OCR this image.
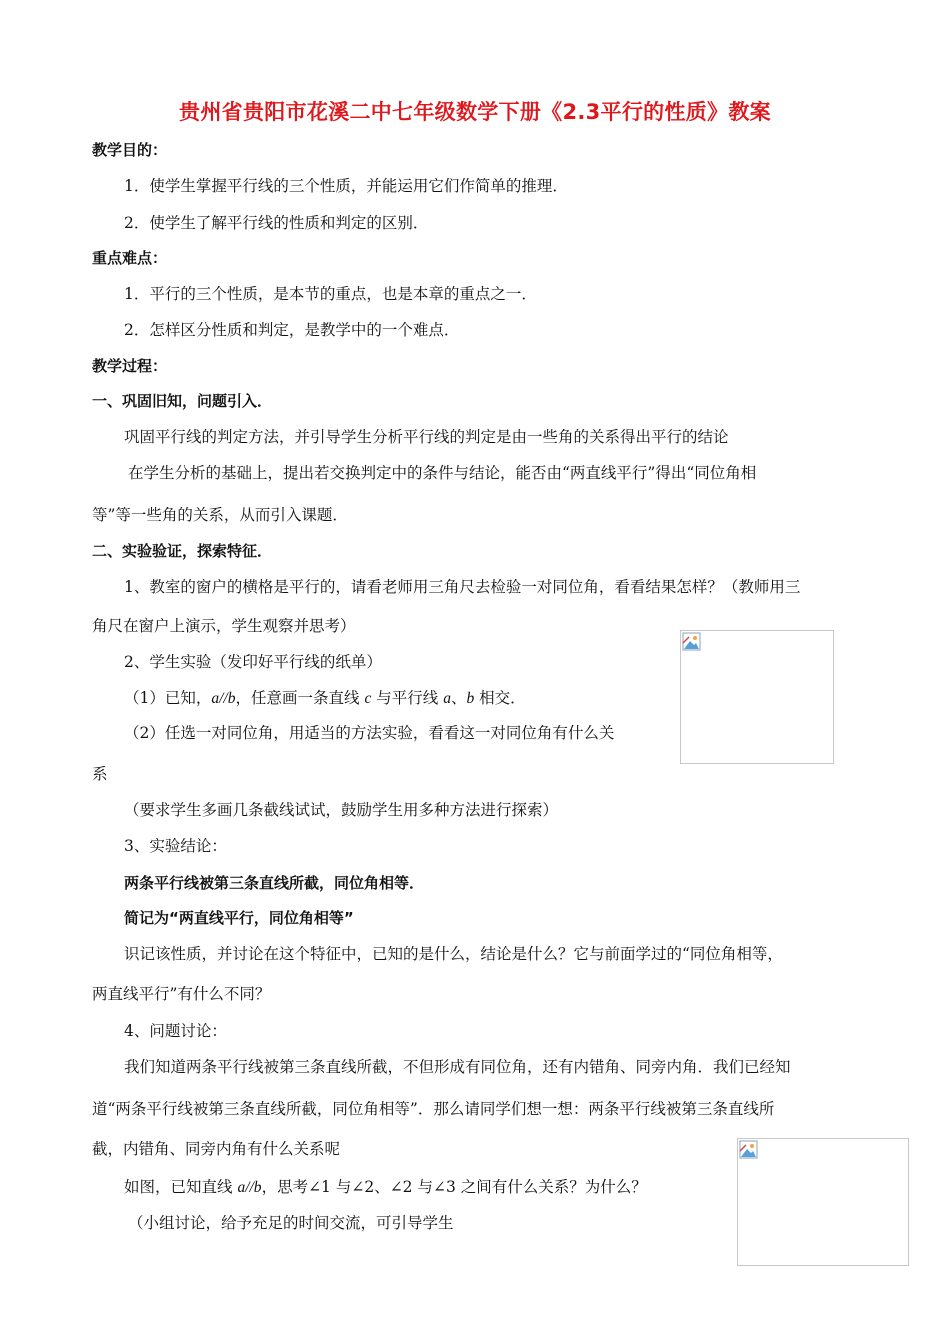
贵州省贵阳市花溪二中七年级数学下册《2.3平行的性质》教案
教学目的：
1．使学生掌握平行线的三个性质，并能运用它们作简单的推理．
2．使学生了解平行线的性质和判定的区别．
重点难点：
1．平行的三个性质，是本节的重点，也是本章的重点之一．
2．怎样区分性质和判定，是教学中的一个难点．
教学过程：
一、巩固旧知，问题引入．
巩固平行线的判定方法，并引导学生分析平行线的判定是由一些角的关系得出平行的结论
在学生分析的基础上，提出若交换判定中的条件与结论，能否由“两直线平行”得出“同位角相
等”等一些角的关系，从而引入课题．
二、实验验证，探索特征．
1、教室的窗户的横格是平行的，请看老师用三角尺去检验一对同位角，看看结果怎样？（教师用三
角尺在窗户上演示，学生观察并思考）
2、学生实验（发印好平行线的纸单）
（1）已知，a//b，任意画一条直线 c 与平行线 a、b 相交．
（2）任选一对同位角，用适当的方法实验，看看这一对同位角有什么关
系
（要求学生多画几条截线试试，鼓励学生用多种方法进行探索）
3、实验结论：
两条平行线被第三条直线所截，同位角相等．
简记为“两直线平行，同位角相等”
识记该性质，并讨论在这个特征中，已知的是什么，结论是什么？它与前面学过的“同位角相等，
两直线平行”有什么不同？
4、问题讨论：
我们知道两条平行线被第三条直线所截，不但形成有同位角，还有内错角、同旁内角．我们已经知
道“两条平行线被第三条直线所截，同位角相等”．那么请同学们想一想：两条平行线被第三条直线所
截，内错角、同旁内角有什么关系呢
如图，已知直线 a//b，思考∠1 与∠2、∠2 与∠3 之间有什么关系？为什么？
（小组讨论，给予充足的时间交流，可引导学生
